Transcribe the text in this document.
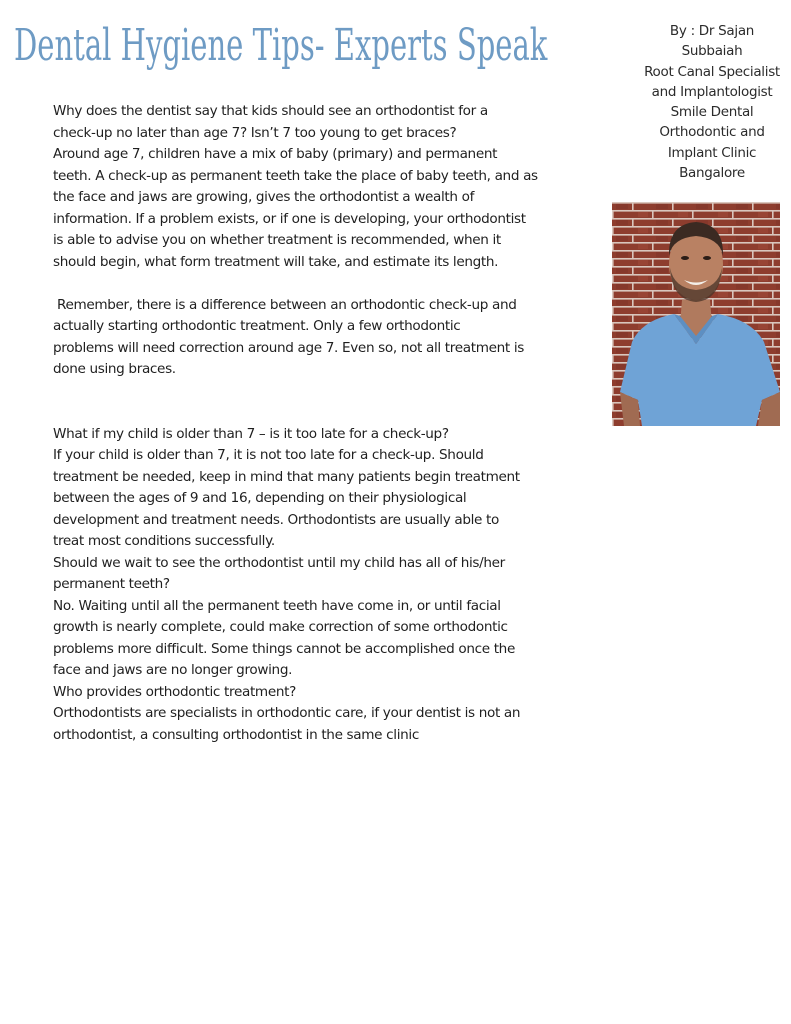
Dental Hygiene Tips- Experts Speak	By : Dr Sajan
Subbaiah
Root Canal Specialist
and Implantologist
Smile Dental
Orthodontic and
Implant Clinic
Bangalore

Why does the dentist say that kids should see an orthodontist for a

check-up no later than age 7? Isn’t 7 too young to get braces?

Around age 7, children have a mix of baby (primary) and permanent

teeth. A check-up as permanent teeth take the place of baby teeth, and as

the face and jaws are growing, gives the orthodontist a wealth of

information. If a problem exists, or if one is developing, your orthodontist

is able to advise you on whether treatment is recommended, when it

should begin, what form treatment will take, and estimate its length.

Remember, there is a difference between an orthodontic check-up and

actually starting orthodontic treatment. Only a few orthodontic

problems will need correction around age 7. Even so, not all treatment is

done using braces.

What if my child is older than 7 – is it too late for a check-up?

If your child is older than 7, it is not too late for a check-up. Should

treatment be needed, keep in mind that many patients begin treatment

between the ages of 9 and 16, depending on their physiological

development and treatment needs. Orthodontists are usually able to

treat most conditions successfully.

Should we wait to see the orthodontist until my child has all of his/her

permanent teeth?

No. Waiting until all the permanent teeth have come in, or until facial

growth is nearly complete, could make correction of some orthodontic

problems more difficult. Some things cannot be accomplished once the

face and jaws are no longer growing.

Who provides orthodontic treatment?

Orthodontists are specialists in orthodontic care, if your dentist is not an

orthodontist, a consulting orthodontist in the same clinic
